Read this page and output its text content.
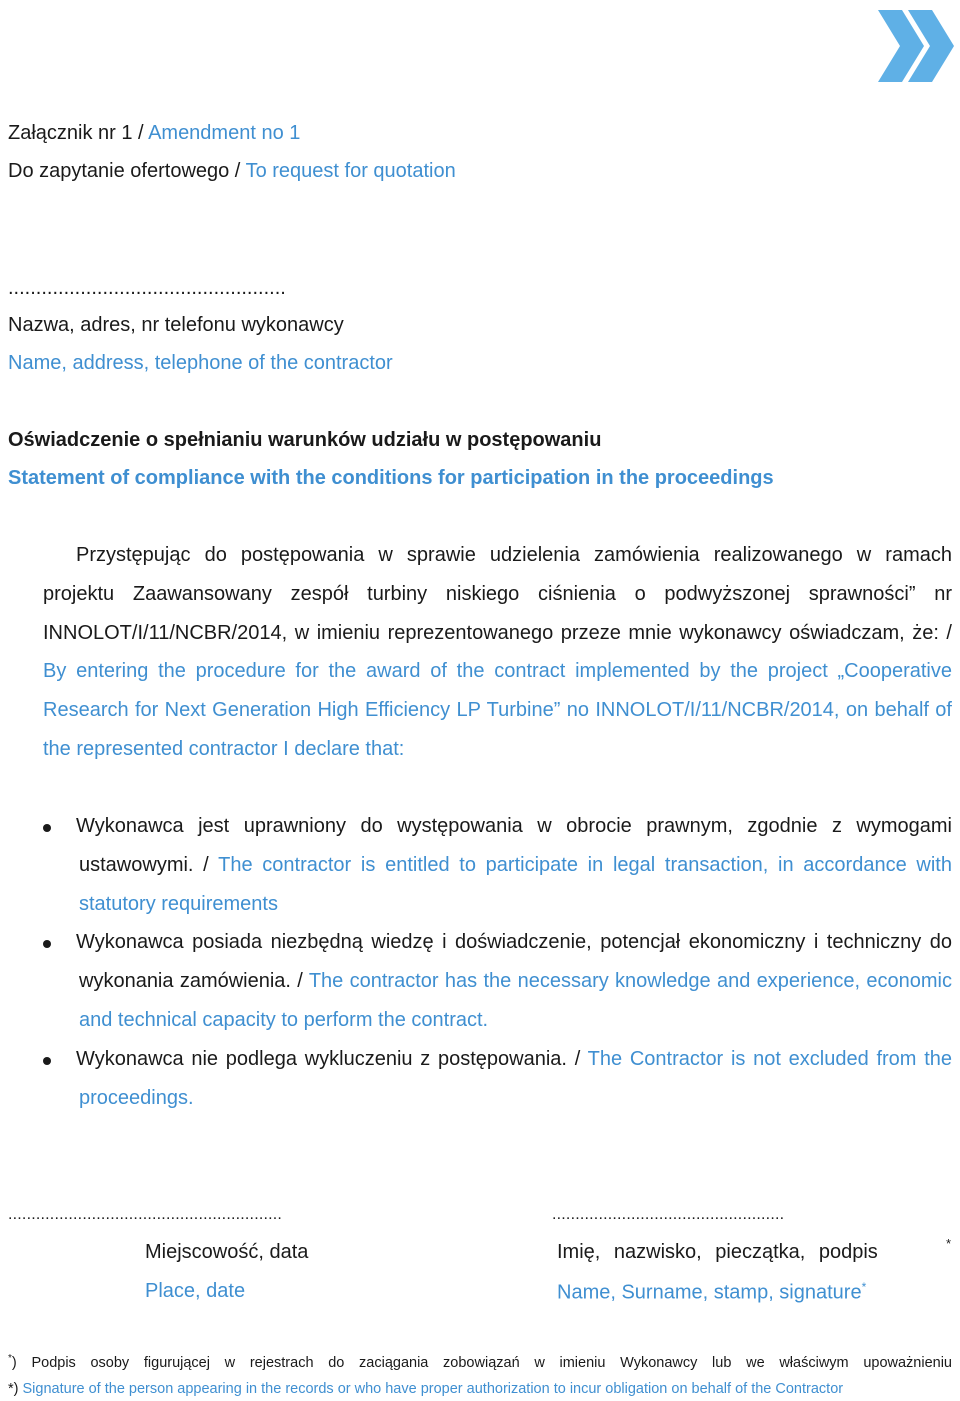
Załącznik nr 1 / Amendment no 1
Do zapytanie ofertowego / To request for quotation
..................................................
Nazwa, adres, nr telefonu wykonawcy
Name, address, telephone of the contractor
Oświadczenie o spełnianiu warunków udziału w postępowaniu
Statement of compliance with the conditions for participation in the proceedings
Przystępując do postępowania w sprawie udzielenia zamówienia realizowanego w ramach projektu Zaawansowany zespół turbiny niskiego ciśnienia o podwyższonej sprawności” nr INNOLOT/I/11/NCBR/2014, w imieniu reprezentowanego przeze mnie wykonawcy oświadczam, że: / By entering the procedure for the award of the contract implemented by the project „Cooperative Research for Next Generation High Efficiency LP Turbine” no INNOLOT/I/11/NCBR/2014, on behalf of the represented contractor I declare that:
Wykonawca jest uprawniony do występowania w obrocie prawnym, zgodnie z wymogami ustawowymi. / The contractor is entitled to participate in legal transaction, in accordance with statutory requirements
Wykonawca posiada niezbędną wiedzę i doświadczenie, potencjał ekonomiczny i techniczny do wykonania zamówienia. / The contractor has the necessary knowledge and experience, economic and technical capacity to perform the contract.
Wykonawca nie podlega wykluczeniu z postępowania. / The Contractor is not excluded from the proceedings.
...........................................................	..................................................
Miejscowość, data
Place, date
Imię, nazwisko, pieczątka, podpis	*
Name, Surname, stamp, signature*
*) Podpis osoby figurującej w rejestrach do zaciągania zobowiązań w imieniu Wykonawcy lub we właściwym upoważnieniu
*) Signature of the person appearing in the records or who have proper authorization to incur obligation on behalf of the Contractor
